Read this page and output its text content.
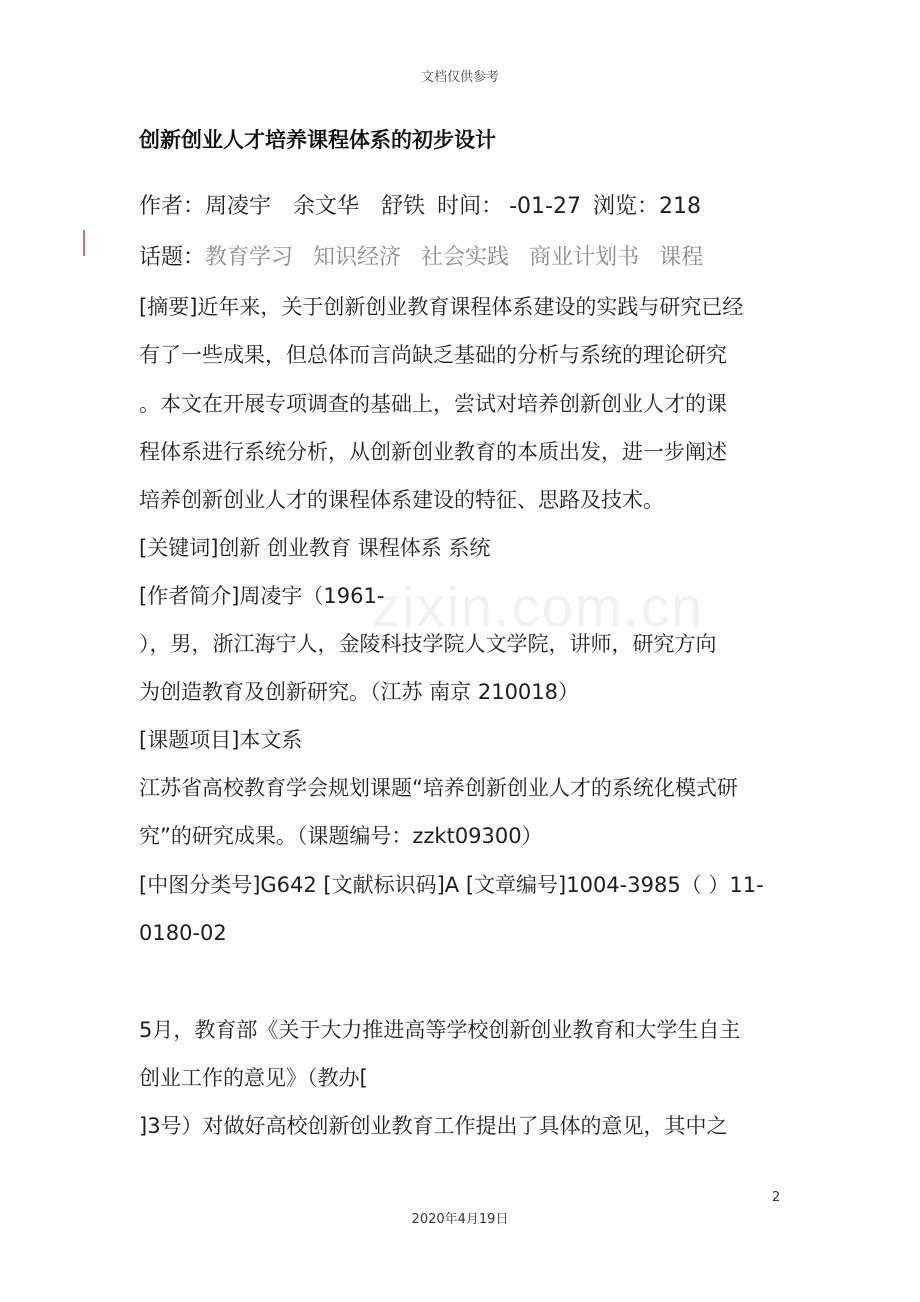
文档仅供参考
创新创业人才培养课程体系的初步设计
作者：周凌宇 余文华 舒铁 时间： -01-27 浏览：218
话题：教育学习 知识经济 社会实践 商业计划书 课程
[摘要]近年来，关于创新创业教育课程体系建设的实践与研究已经
有了一些成果，但总体而言尚缺乏基础的分析与系统的理论研究
。本文在开展专项调查的基础上，尝试对培养创新创业人才的课
程体系进行系统分析，从创新创业教育的本质出发，进一步阐述
培养创新创业人才的课程体系建设的特征、思路及技术。
[关键词]创新 创业教育 课程体系 系统
[作者简介]周凌宇（1961-
），男，浙江海宁人，金陵科技学院人文学院，讲师，研究方向
为创造教育及创新研究。（江苏 南京 210018）
[课题项目]本文系
江苏省高校教育学会规划课题“培养创新创业人才的系统化模式研
究”的研究成果。（课题编号：zzkt09300）
[中图分类号]G642 [文献标识码]A [文章编号]1004-3985（ ）11-
0180-02
5月，教育部《关于大力推进高等学校创新创业教育和大学生自主
创业工作的意见》（教办[
]3号）对做好高校创新创业教育工作提出了具体的意见，其中之
zixin.com.cn
2
2020年4月19日
